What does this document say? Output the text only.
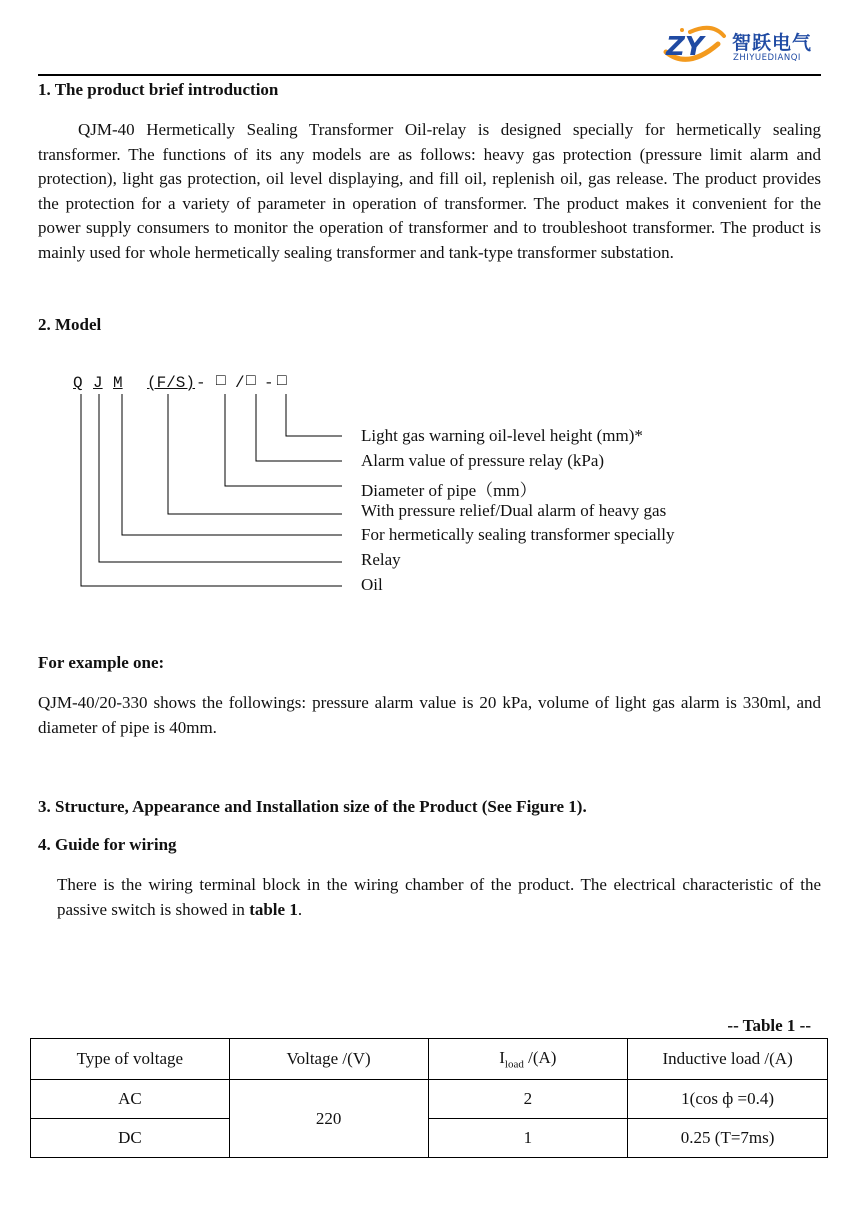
ZY 智跃电气
ZHIYUEDIANQI
1. The product brief introduction

QJM-40 Hermetically Sealing Transformer Oil-relay is designed specially for hermetically sealing transformer. The functions of its any models are as follows: heavy gas protection (pressure limit alarm and protection), light gas protection, oil level displaying, and fill oil, replenish oil, gas release. The product provides the protection for a variety of parameter in operation of transformer. The product makes it convenient for the power supply consumers to monitor the operation of transformer and to troubleshoot transformer. The product is mainly used for whole hermetically sealing transformer and tank-type transformer substation.

2. Model
Q J M (F/S) - □ / □ - □
Light gas warning oil-level height (mm)*
Alarm value of pressure relay (kPa)
Diameter of pipe（mm）
With pressure relief/Dual alarm of heavy gas
For hermetically sealing transformer specially
Relay
Oil
For example one:

QJM-40/20-330 shows the followings: pressure alarm value is 20 kPa, volume of light gas alarm is 330ml, and diameter of pipe is 40mm.

3. Structure, Appearance and Installation size of the Product (See Figure 1).
4. Guide for wiring

There is the wiring terminal block in the wiring chamber of the product. The electrical characteristic of the passive switch is showed in table 1.

-- Table 1 --
Type of voltage	Voltage /(V)	$I_{load}$ /(A)	Inductive load /(A)
AC	220	2	1(cos ф =0.4)
DC		1	0.25 (T=7ms)
